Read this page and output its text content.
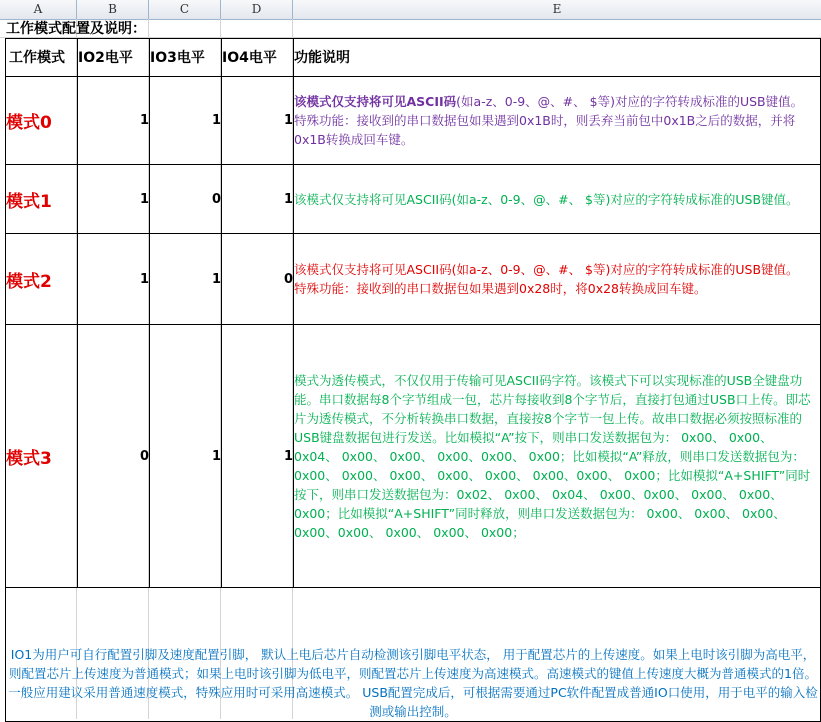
A	B	C	D	E
工作模式配置及说明：
工作模式	IO2电平	IO3电平	IO4电平	功能说明
模式0	1	1	1	该模式仅支持将可见ASCII码(如a-z、0-9、@、#、 $等)对应的字符转成标准的USB键值。
特殊功能：接收到的串口数据包如果遇到0x1B时，则丢弃当前包中0x1B之后的数据，并将0x1B转换成回车键。
模式1	1	0	1	该模式仅支持将可见ASCII码(如a-z、0-9、@、#、 $等)对应的字符转成标准的USB键值。
模式2	1	1	0	该模式仅支持将可见ASCII码(如a-z、0-9、@、#、 $等)对应的字符转成标准的USB键值。
特殊功能：接收到的串口数据包如果遇到0x28时，将0x28转换成回车键。
模式3	0	1	1	模式为透传模式，不仅仅用于传输可见ASCII码字符。该模式下可以实现标准的USB全键盘功能。串口数据每8个字节组成一包，芯片每接收到8个字节后，直接打包通过USB口上传。即芯片为透传模式，不分析转换串口数据，直接按8个字节一包上传。故串口数据必须按照标准的USB键盘数据包进行发送。比如模拟“A”按下，则串口发送数据包为： 0x00、 0x00、 0x04、 0x00、 0x00、 0x00、0x00、 0x00；比如模拟“A”释放，则串口发送数据包为： 0x00、 0x00、 0x00、 0x00、 0x00、 0x00、0x00、 0x00；比如模拟“A+SHIFT”同时按下，则串口发送数据包为：0x02、 0x00、 0x04、 0x00、0x00、 0x00、 0x00、 0x00；比如模拟“A+SHIFT”同时释放，则串口发送数据包为： 0x00、 0x00、 0x00、 0x00、0x00、 0x00、 0x00、 0x00；
IO1为用户可自行配置引脚及速度配置引脚， 默认上电后芯片自动检测该引脚电平状态， 用于配置芯片的上传速度。如果上电时该引脚为高电平，则配置芯片上传速度为普通模式；如果上电时该引脚为低电平，则配置芯片上传速度为高速模式。高速模式的键值上传速度大概为普通模式的1倍。一般应用建议采用普通速度模式，特殊应用时可采用高速模式。 USB配置完成后，可根据需要通过PC软件配置成普通IO口使用，用于电平的输入检测或输出控制。				
